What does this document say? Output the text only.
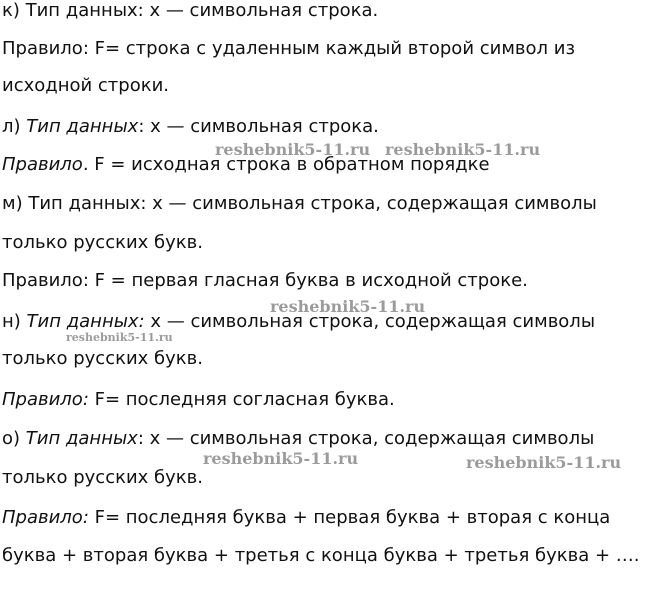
к) Тип данных: х — символьная строка.
Правило: F= строка с удаленным каждый второй символ из
исходной строки.
л) Тип данных: х — символьная строка.
Правило. F = исходная строка в обратном порядке
м) Тип данных: х — символьная строка, содержащая символы
только русских букв.
Правило: F = первая гласная буква в исходной строке.
н) Тип данных: х — символьная строка, содержащая символы
только русских букв.
Правило: F= последняя согласная буква.
о) Тип данных: х — символьная строка, содержащая символы
только русских букв.
Правило: F= последняя буква + первая буква + вторая с конца
буква + вторая буква + третья с конца буква + третья буква + ….
reshebnik5-11.ru reshebnik5-11.ru
reshebnik5-11.ru
reshebnik5-11.ru
reshebnik5-11.ru	reshebnik5-11.ru
